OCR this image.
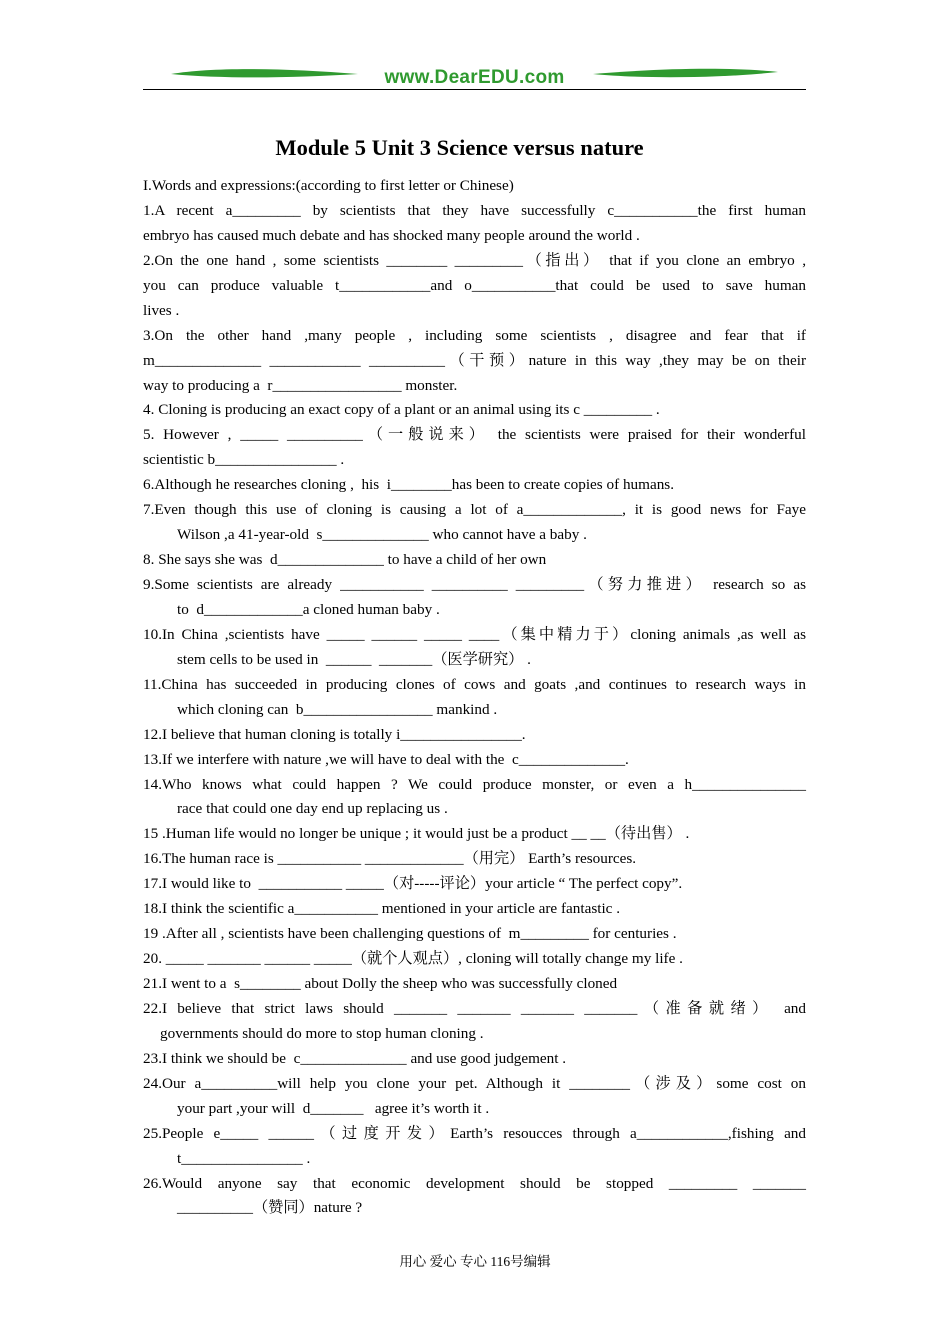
www.DearEDU.com
Module 5 Unit 3 Science versus nature
I.Words and expressions:(according to first letter or Chinese)
1.A recent a_________ by scientists that they have successfully c___________the first human
embryo has caused much debate and has shocked many people around the world .
2.On the one hand , some scientists ________ _________（指出） that if you clone an embryo ,
you can produce valuable t____________and o___________that could be used to save human
lives .
3.On the other hand ,many people , including some scientists , disagree and fear that if
m______________ ____________ __________（干预）nature in this way ,they may be on their
way to producing a  r_________________ monster.
4. Cloning is producing an exact copy of a plant or an animal using its c _________ .
5. However , _____ __________（一般说来） the scientists were praised for their wonderful
scientistic b________________ .
6.Although he researches cloning ,  his  i________has been to create copies of humans.
7.Even though this use of cloning is causing a lot of a_____________, it is good news for Faye
Wilson ,a 41-year-old  s______________ who cannot have a baby .
8. She says she was  d______________ to have a child of her own
9.Some scientists are already ___________ __________ _________（努力推进） research so as
to  d_____________a cloned human baby .
10.In China ,scientists have _____ ______ _____ ____（集中精力于）cloning animals ,as well as
stem cells to be used in  ______  _______（医学研究） .
11.China has succeeded in producing clones of cows and goats ,and continues to research ways in
which cloning can  b_________________ mankind .
12.I believe that human cloning is totally i________________.
13.If we interfere with nature ,we will have to deal with the  c______________.
14.Who knows what could happen ? We could produce monster, or even a h_______________
race that could one day end up replacing us .
15 .Human life would no longer be unique ; it would just be a product __ __（待出售） .
16.The human race is ___________ _____________（用完） Earth’s resources.
17.I would like to  ___________ _____（对-----评论）your article “ The perfect copy”.
18.I think the scientific a___________ mentioned in your article are fantastic .
19 .After all , scientists have been challenging questions of  m_________ for centuries .
20. _____ _______ ______ _____（就个人观点）, cloning will totally change my life .
21.I went to a  s________ about Dolly the sheep who was successfully cloned
22.I believe that strict laws should _______ _______ _______ _______（准备就绪） and
governments should do more to stop human cloning .
23.I think we should be  c______________ and use good judgement .
24.Our a__________will help you clone your pet. Although it ________（涉及）some cost on
your part ,your will  d_______   agree it’s worth it .
25.People e_____ ______（过度开发）Earth’s resoucces through a____________,fishing and
t________________ .
26.Would anyone say that economic development should be stopped _________ _______
__________（赞同）nature ?
用心 爱心 专心 116号编辑
